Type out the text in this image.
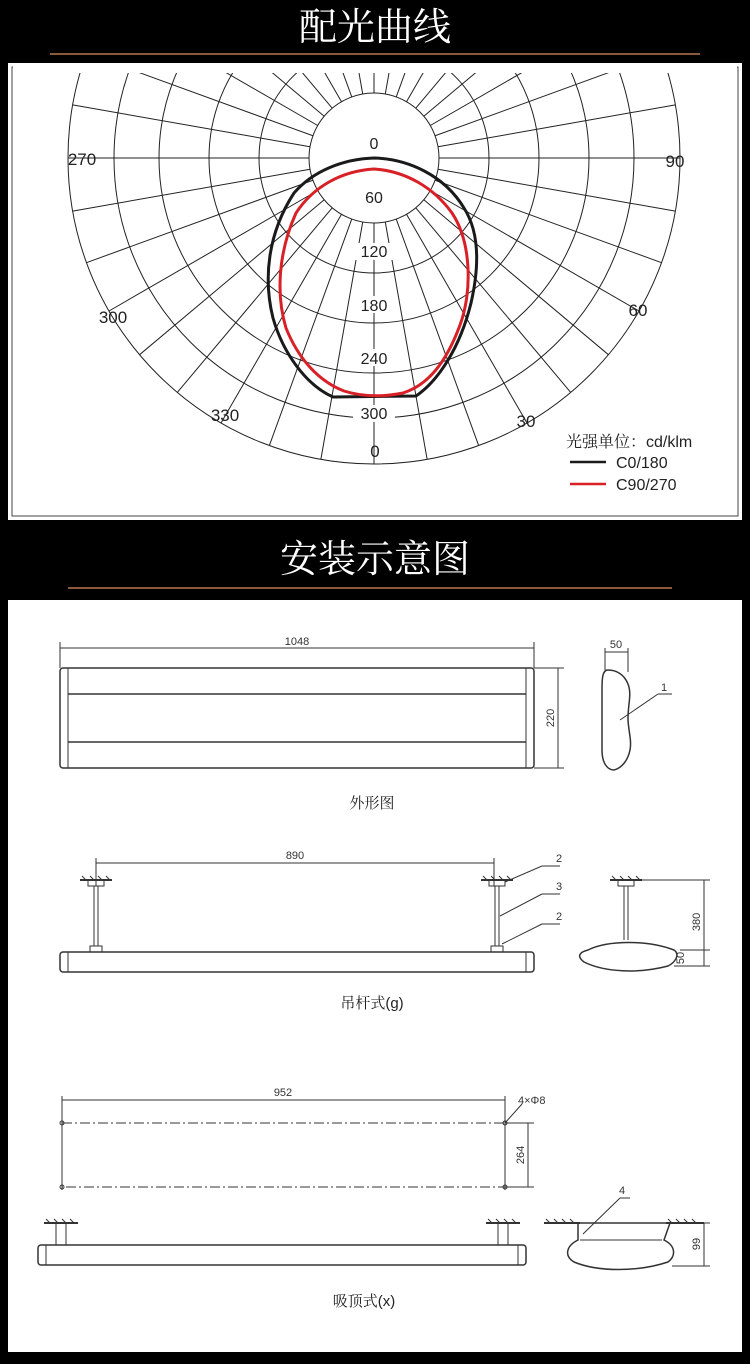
配光曲线
0
60
120
180
240
300
270	90
300	60
330	30
0	光强单位：cd/klm
C0/180
C90/270
安装示意图
1048
220
50
1
外形图
890	2
3
2	380
50
吊杆式(g)
952
264
4×Φ8
4
99
吸顶式(x)
